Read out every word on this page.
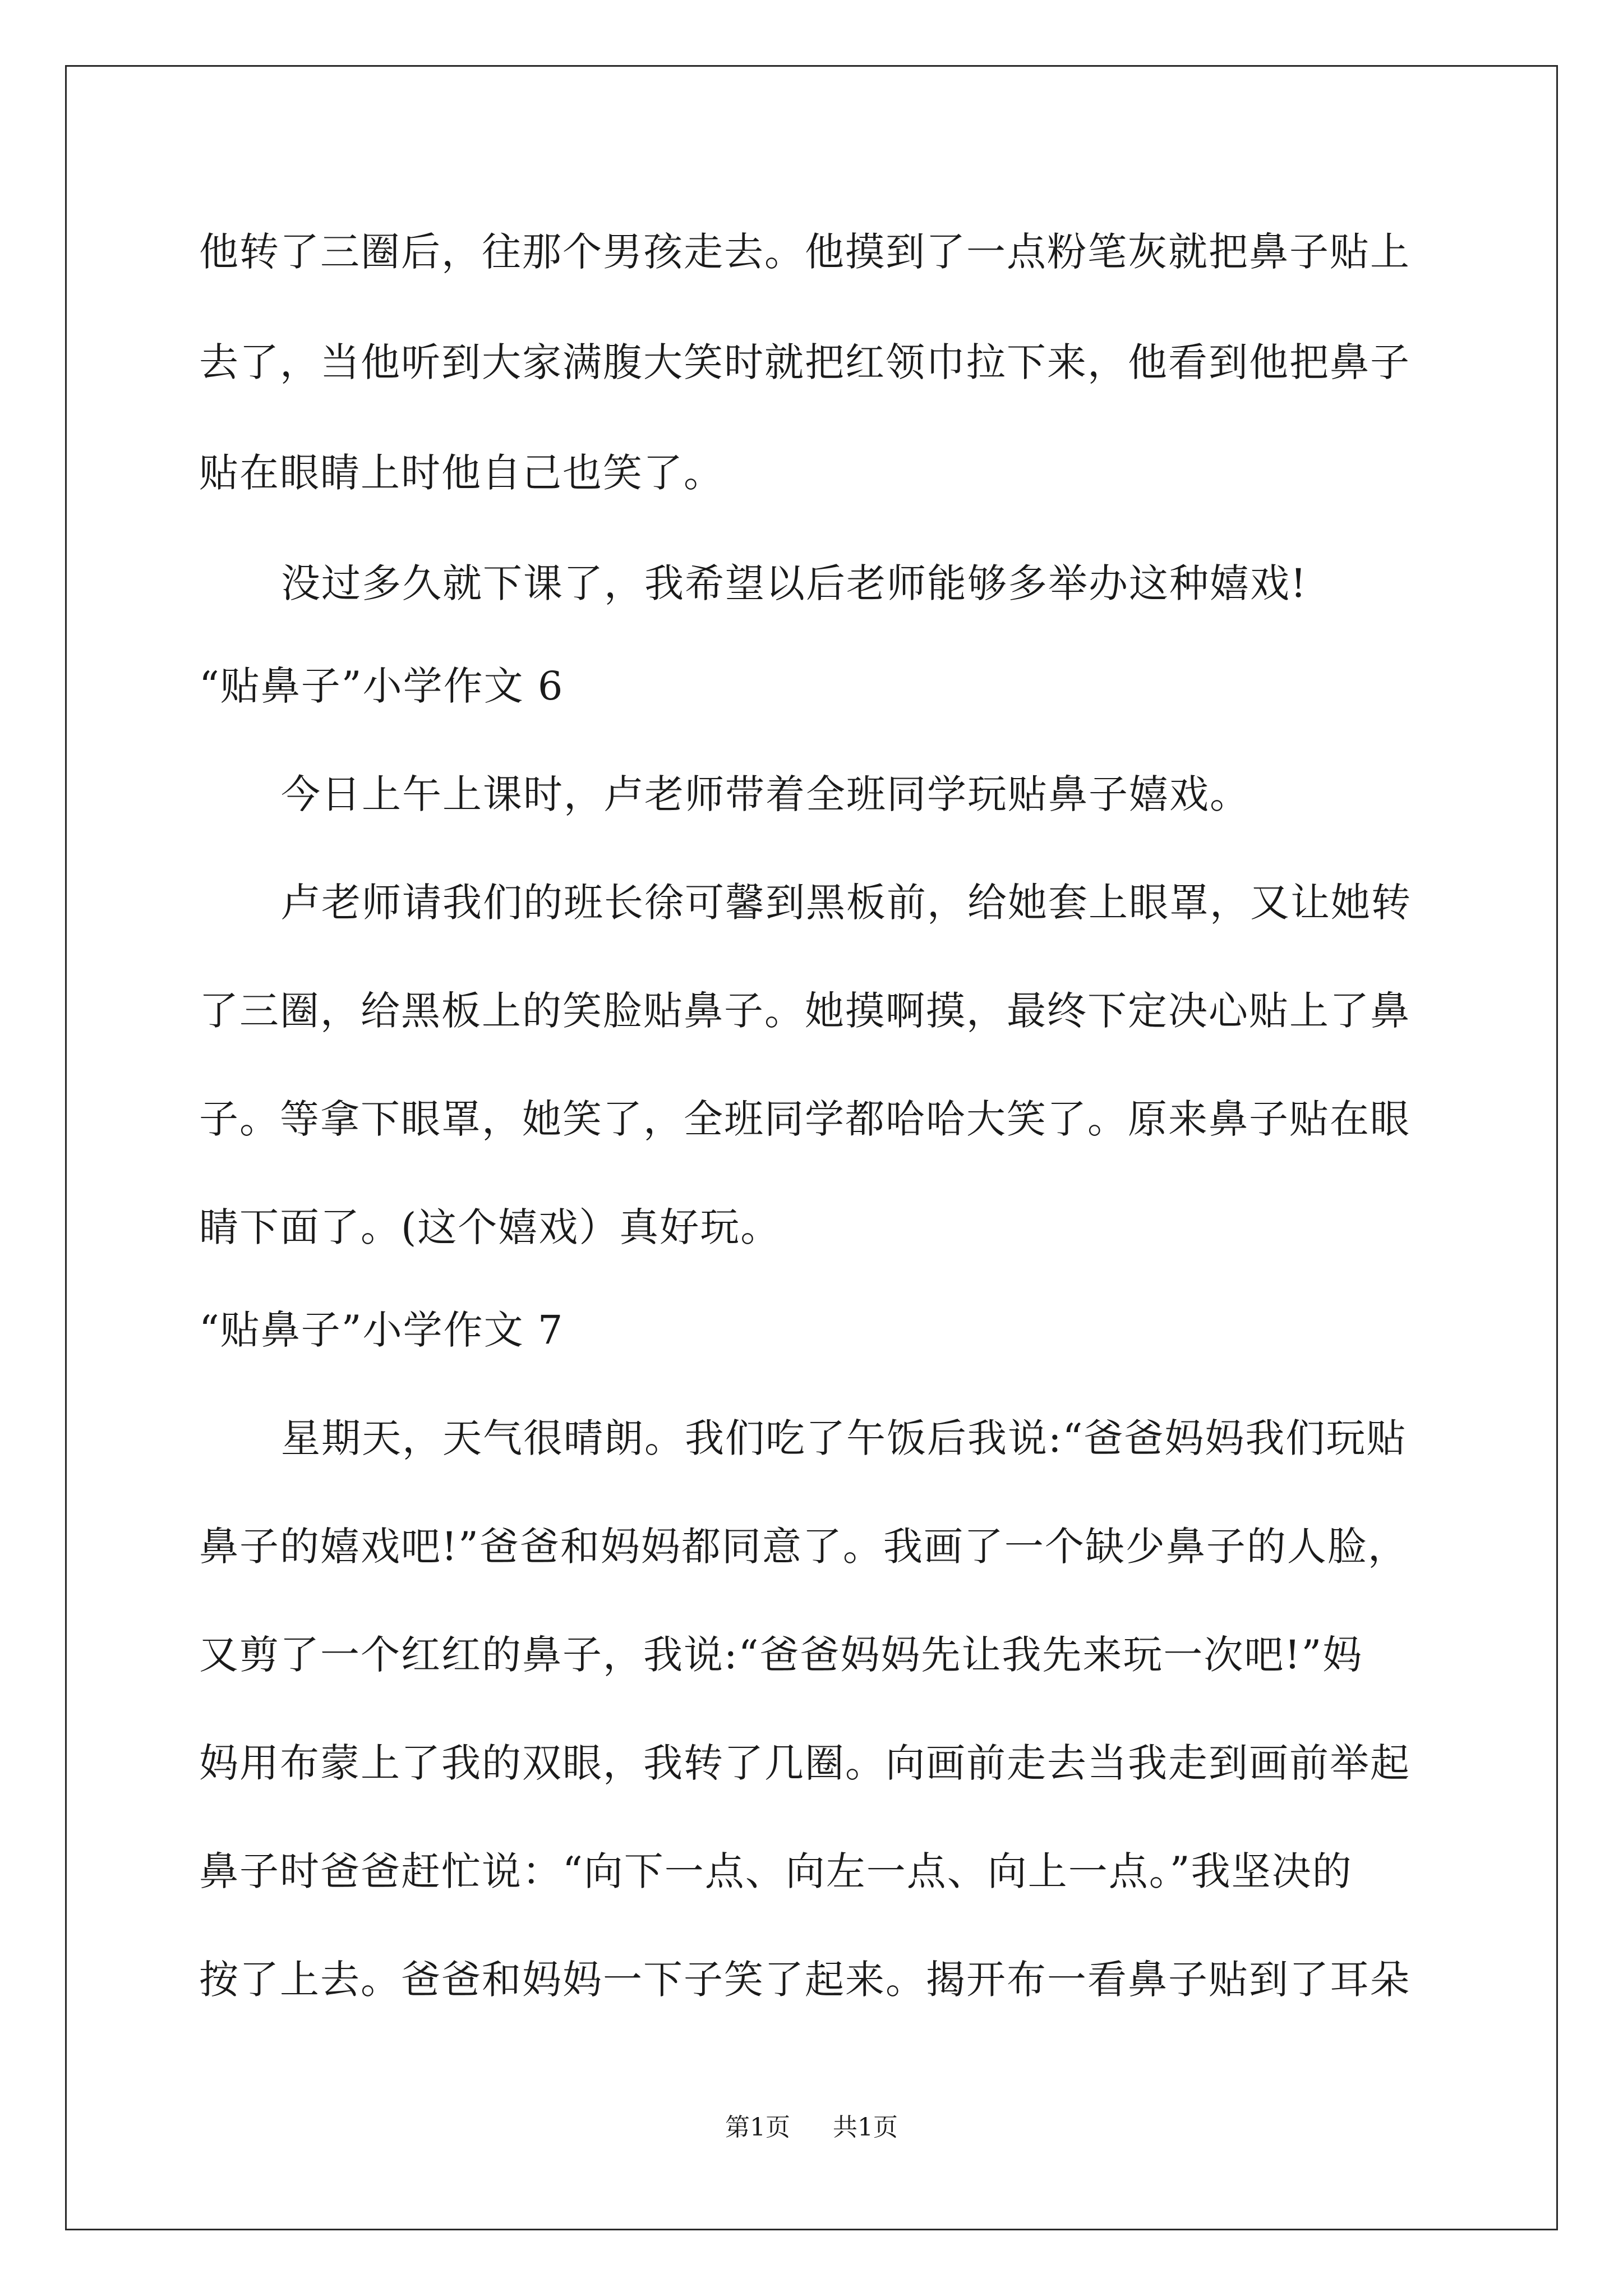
他转了三圈后，往那个男孩走去。他摸到了一点粉笔灰就把鼻子贴上
去了，当他听到大家满腹大笑时就把红领巾拉下来，他看到他把鼻子
贴在眼睛上时他自己也笑了。
没过多久就下课了，我希望以后老师能够多举办这种嬉戏!
“贴鼻子”小学作文 6
今日上午上课时，卢老师带着全班同学玩贴鼻子嬉戏。
卢老师请我们的班长徐可馨到黑板前，给她套上眼罩，又让她转
了三圈，给黑板上的笑脸贴鼻子。她摸啊摸，最终下定决心贴上了鼻
子。等拿下眼罩，她笑了，全班同学都哈哈大笑了。原来鼻子贴在眼
睛下面了。(这个嬉戏）真好玩。
“贴鼻子”小学作文 7
星期天，天气很晴朗。我们吃了午饭后我说:“爸爸妈妈我们玩贴
鼻子的嬉戏吧!”爸爸和妈妈都同意了。我画了一个缺少鼻子的人脸，
又剪了一个红红的鼻子，我说:“爸爸妈妈先让我先来玩一次吧!”妈
妈用布蒙上了我的双眼，我转了几圈。向画前走去当我走到画前举起
鼻子时爸爸赶忙说：“向下一点、向左一点、向上一点。”我坚决的
按了上去。爸爸和妈妈一下子笑了起来。揭开布一看鼻子贴到了耳朵
第1页 共1页
